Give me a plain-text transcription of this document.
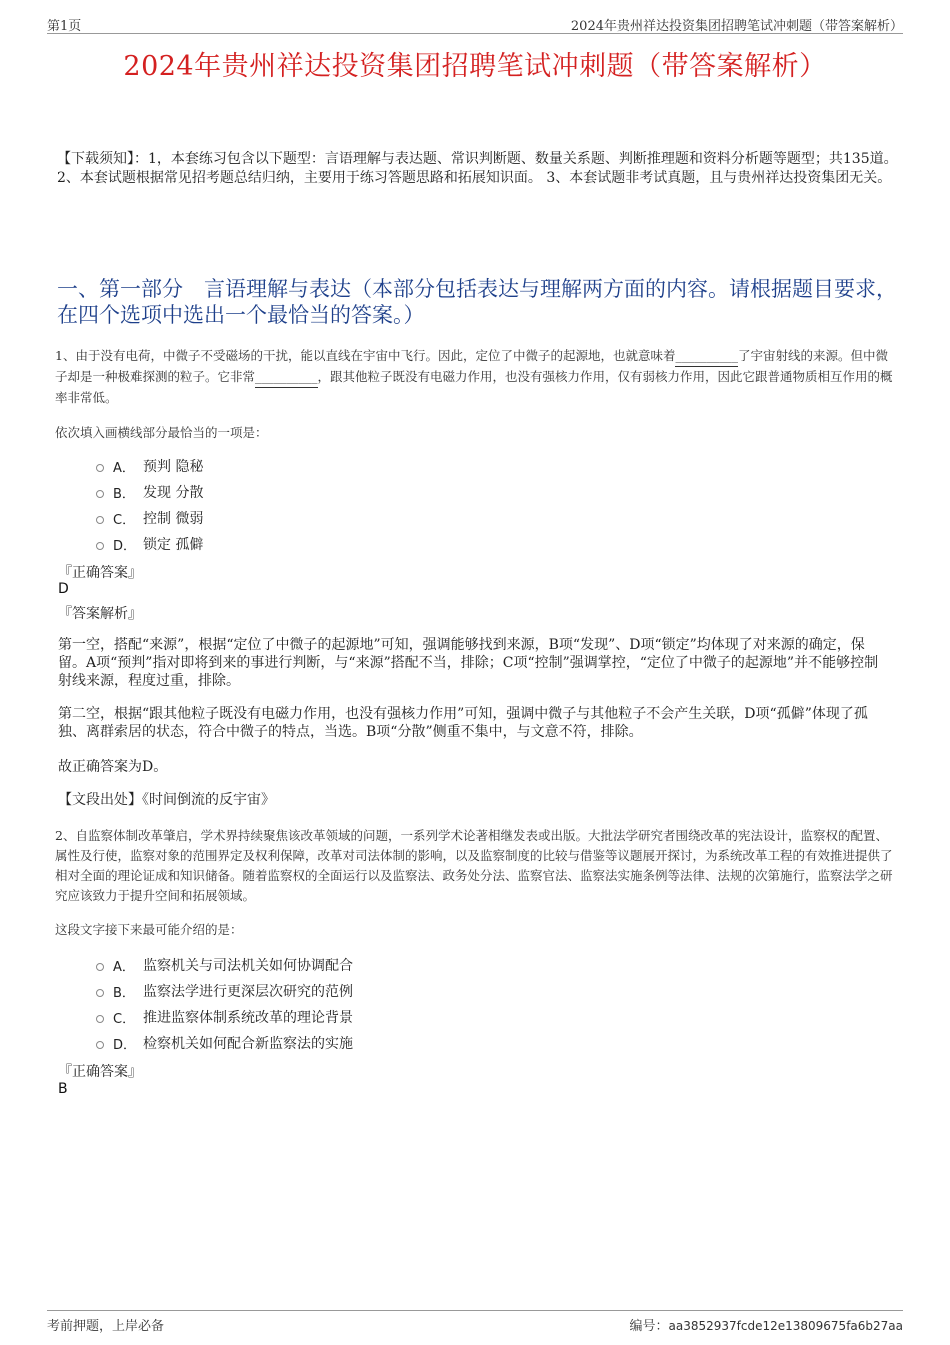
第1页	2024年贵州祥达投资集团招聘笔试冲刺题（带答案解析）
2024年贵州祥达投资集团招聘笔试冲刺题（带答案解析）
【下载须知】：1，本套练习包含以下题型：言语理解与表达题、常识判断题、数量关系题、判断推理题和资料分析题等题型；共135道。 2、本套试题根据常见招考题总结归纳，主要用于练习答题思路和拓展知识面。 3、本套试题非考试真题，且与贵州祥达投资集团无关。
一、第一部分　言语理解与表达（本部分包括表达与理解两方面的内容。请根据题目要求，在四个选项中选出一个最恰当的答案。）
1、由于没有电荷，中微子不受磁场的干扰，能以直线在宇宙中飞行。因此，定位了中微子的起源地，也就意味着__________了宇宙射线的来源。但中微子却是一种极难探测的粒子。它非常__________，跟其他粒子既没有电磁力作用，也没有强核力作用，仅有弱核力作用，因此它跟普通物质相互作用的概率非常低。
依次填入画横线部分最恰当的一项是：
A． 预判 隐秘
B． 发现 分散
C． 控制 微弱
D． 锁定 孤僻
『正确答案』
D
『答案解析』
第一空，搭配“来源”，根据“定位了中微子的起源地”可知，强调能够找到来源，B项“发现”、D项“锁定”均体现了对来源的确定，保留。A项“预判”指对即将到来的事进行判断，与“来源”搭配不当，排除；C项“控制”强调掌控，“定位了中微子的起源地”并不能够控制射线来源，程度过重，排除。
第二空，根据“跟其他粒子既没有电磁力作用，也没有强核力作用”可知，强调中微子与其他粒子不会产生关联，D项“孤僻”体现了孤独、离群索居的状态，符合中微子的特点，当选。B项“分散”侧重不集中，与文意不符，排除。
故正确答案为D。
【文段出处】《时间倒流的反宇宙》
2、自监察体制改革肇启，学术界持续聚焦该改革领域的问题，一系列学术论著相继发表或出版。大批法学研究者围绕改革的宪法设计，监察权的配置、属性及行使，监察对象的范围界定及权利保障，改革对司法体制的影响，以及监察制度的比较与借鉴等议题展开探讨，为系统改革工程的有效推进提供了相对全面的理论证成和知识储备。随着监察权的全面运行以及监察法、政务处分法、监察官法、监察法实施条例等法律、法规的次第施行，监察法学之研究应该致力于提升空间和拓展领域。
这段文字接下来最可能介绍的是：
A． 监察机关与司法机关如何协调配合
B． 监察法学进行更深层次研究的范例
C． 推进监察体制系统改革的理论背景
D． 检察机关如何配合新监察法的实施
『正确答案』
B
考前押题，上岸必备	编号：aa3852937fcde12e13809675fa6b27aa
